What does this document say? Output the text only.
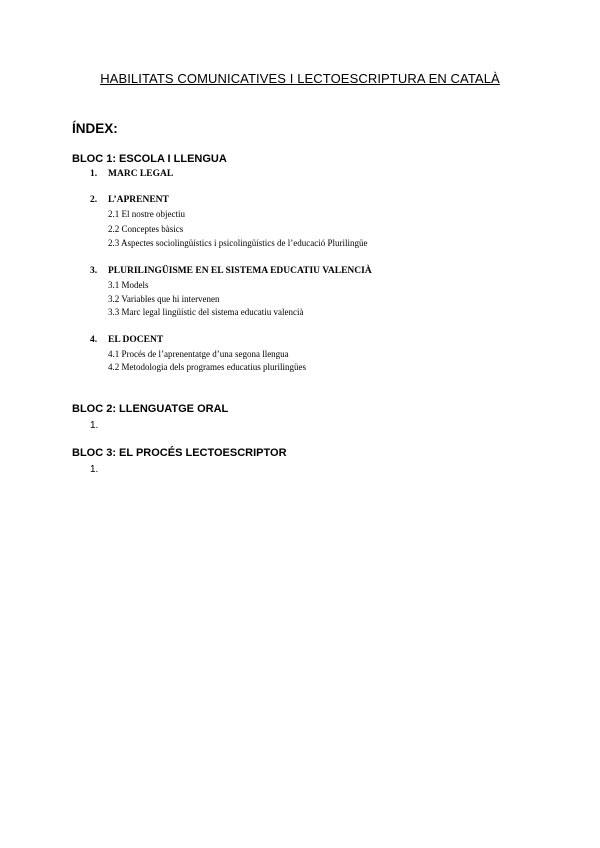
HABILITATS COMUNICATIVES I LECTOESCRIPTURA EN CATALÀ
ÍNDEX:
BLOC 1: ESCOLA I LLENGUA
1. MARC LEGAL
2. L’APRENENT
2.1 El nostre objectiu
2.2 Conceptes bàsics
2.3 Aspectes sociolingüístics i psicolingüístics de l’educació Plurilingüe
3. PLURILINGÜISME EN EL SISTEMA EDUCATIU VALENCIÀ
3.1 Models
3.2 Variables que hi intervenen
3.3 Marc legal lingüístic del sistema educatiu valencià
4. EL DOCENT
4.1 Procés de l’aprenentatge d’una segona llengua
4.2 Metodologia dels programes educatius plurilingües
BLOC 2: LLENGUATGE ORAL
1.
BLOC 3: EL PROCÉS LECTOESCRIPTOR
1.
